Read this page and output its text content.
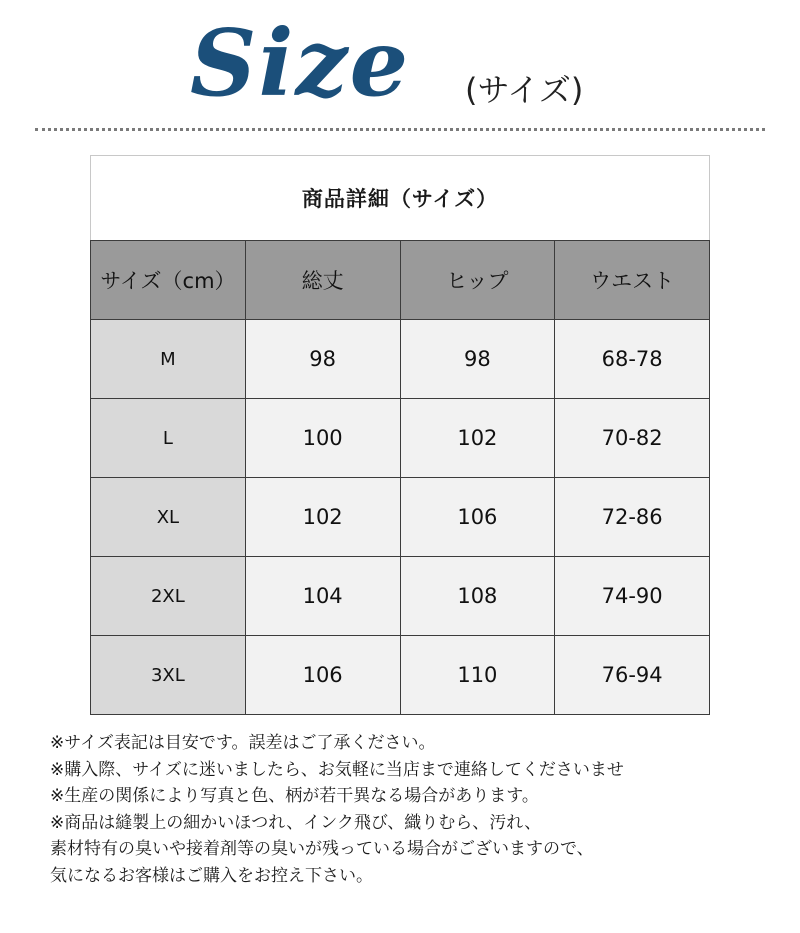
Size (サイズ)
商品詳細（サイズ）
サイズ（cm）	総丈	ヒップ	ウエスト
M	98	98	68-78
L	100	102	70-82
XL	102	106	72-86
2XL	104	108	74-90
3XL	106	110	76-94
※サイズ表記は目安です。誤差はご了承ください。
※購入際、サイズに迷いましたら、お気軽に当店まで連絡してくださいませ
※生産の関係により写真と色、柄が若干異なる場合があります。
※商品は縫製上の細かいほつれ、インク飛び、織りむら、汚れ、
素材特有の臭いや接着剤等の臭いが残っている場合がございますので、
気になるお客様はご購入をお控え下さい。
